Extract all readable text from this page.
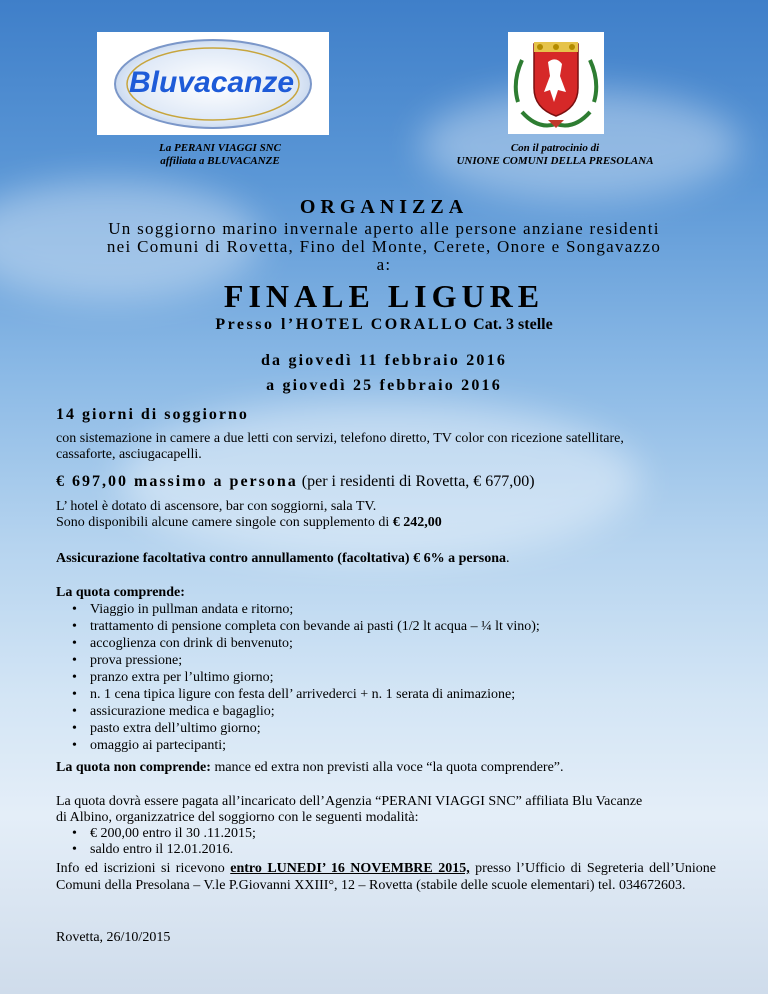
Bluvacanze
La PERANI VIAGGI SNC
affiliata a BLUVACANZE
Con il patrocinio di
UNIONE COMUNI DELLA PRESOLANA
ORGANIZZA
Un soggiorno marino invernale aperto alle persone anziane residenti
nei Comuni di Rovetta, Fino del Monte, Cerete, Onore e Songavazzo
a:
FINALE LIGURE
Presso l’HOTEL CORALLO Cat. 3 stelle
da giovedì 11 febbraio 2016
a giovedì 25 febbraio 2016
14 giorni di soggiorno
con sistemazione in camere a due letti con servizi, telefono diretto, TV color con ricezione satellitare,
cassaforte, asciugacapelli.
€ 697,00 massimo a persona (per i residenti di Rovetta, € 677,00)
L’ hotel è dotato di ascensore, bar con soggiorni, sala TV.
Sono disponibili alcune camere singole con supplemento di € 242,00
Assicurazione facoltativa contro annullamento (facoltativa) € 6% a persona.
La quota comprende:
• Viaggio in pullman andata e ritorno;
• trattamento di pensione completa con bevande ai pasti (1/2 lt acqua – ¼ lt vino);
• accoglienza con drink di benvenuto;
• prova pressione;
• pranzo extra per l’ultimo giorno;
• n. 1 cena tipica ligure con festa dell’ arrivederci + n. 1 serata di animazione;
• assicurazione medica e bagaglio;
• pasto extra dell’ultimo giorno;
• omaggio ai partecipanti;
La quota non comprende: mance ed extra non previsti alla voce “la quota comprendere”.
La quota dovrà essere pagata all’incaricato dell’Agenzia “PERANI VIAGGI SNC” affiliata Blu Vacanze
di Albino, organizzatrice del soggiorno con le seguenti modalità:
• € 200,00 entro il 30 .11.2015;
• saldo entro il 12.01.2016.
Info ed iscrizioni si ricevono entro LUNEDI’ 16 NOVEMBRE 2015, presso l’Ufficio di Segreteria dell’Unione Comuni della Presolana – V.le P.Giovanni XXIII°, 12 – Rovetta (stabile delle scuole elementari) tel. 034672603.
Rovetta, 26/10/2015
